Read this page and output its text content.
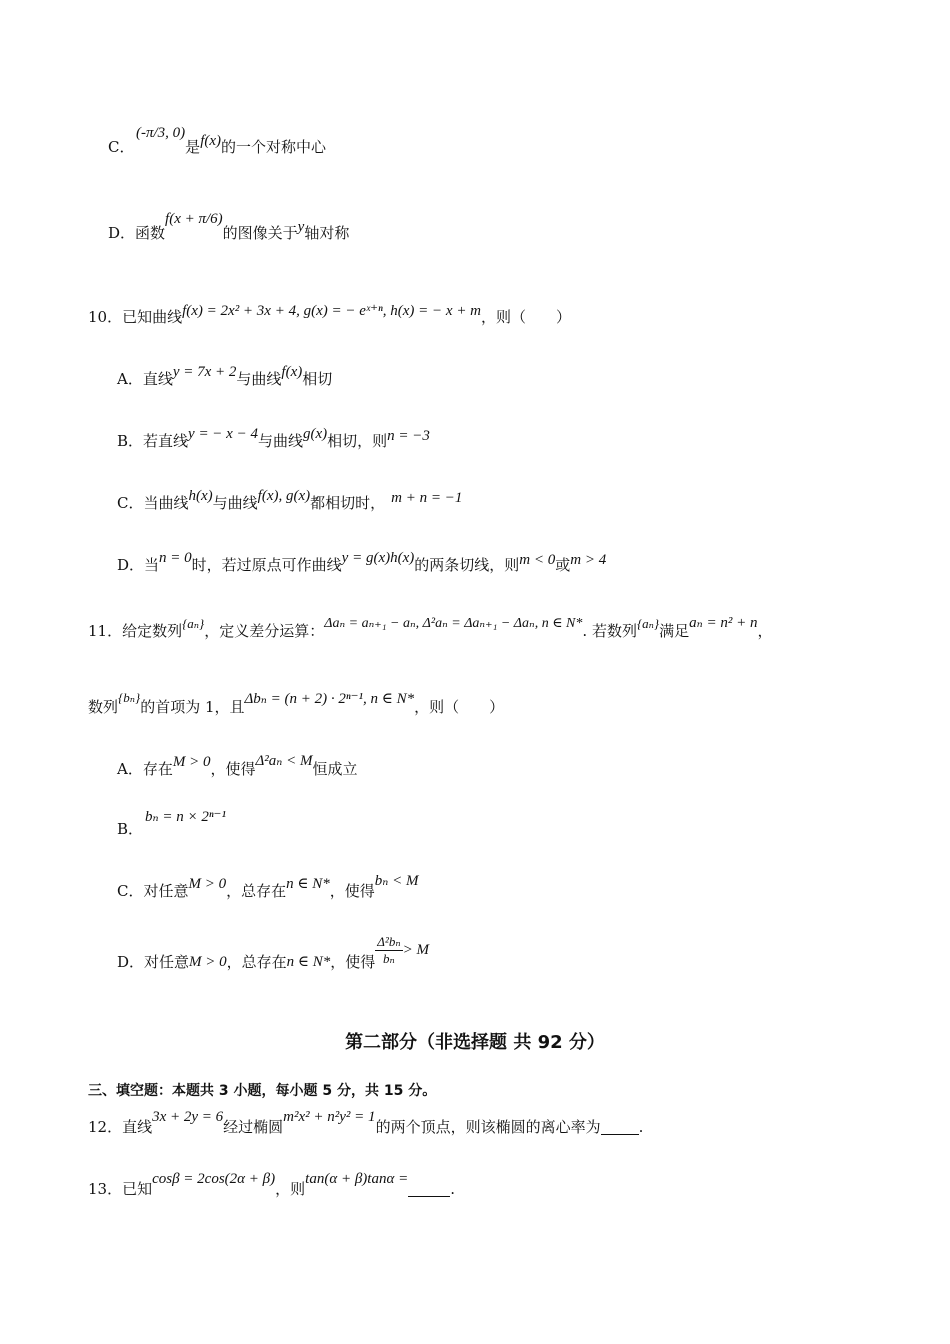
C．
(-π/3, 0)
是 f(x) 的一个对称中心
D．函数
f(x + π/6)
的图像关于 y 轴对称
10．已知曲线 f(x) = 2x² + 3x + 4, g(x) = − eˣ⁺ⁿ, h(x) = − x + m ，则（　　）
A．直线 y = 7x + 2 与曲线 f(x) 相切
B．若直线 y = − x − 4 与曲线 g(x) 相切，则 n = −3
C．当曲线 h(x) 与曲线 f(x), g(x) 都相切时， m + n = −1
D．当 n = 0 时，若过原点可作曲线 y = g(x)h(x) 的两条切线，则 m < 0 或 m > 4
11．给定数列 {aₙ} ，定义差分运算： Δaₙ = aₙ₊₁ − aₙ, Δ²aₙ = Δaₙ₊₁ − Δaₙ, n ∈ N* . 若数列 {aₙ} 满足 aₙ = n² + n ，
数列
{bₙ}
的首项为 1，且 Δbₙ = (n + 2) · 2ⁿ⁻¹, n ∈ N* ，则（　　）
A．存在 M > 0 ，使得 Δ²aₙ < M 恒成立
B．
bₙ = n × 2ⁿ⁻¹
C．对任意 M > 0 ，总存在 n ∈ N* ，使得
bₙ < M
D．对任意 M > 0 ，总存在 n ∈ N* ，使得 $\frac{\text{Δ²bₙ}}{\text{bₙ}} > M$
第二部分（非选择题 共 92 分）
三、填空题：本题共 3 小题，每小题 5 分，共 15 分。
12．直线
3x + 2y = 6
经过椭圆
m²x² + n²y² = 1
的两个顶点，则该椭圆的离心率为	.
13．已知
cosβ = 2cos(2α + β)
，则
tan(α + β)tanα =
.
